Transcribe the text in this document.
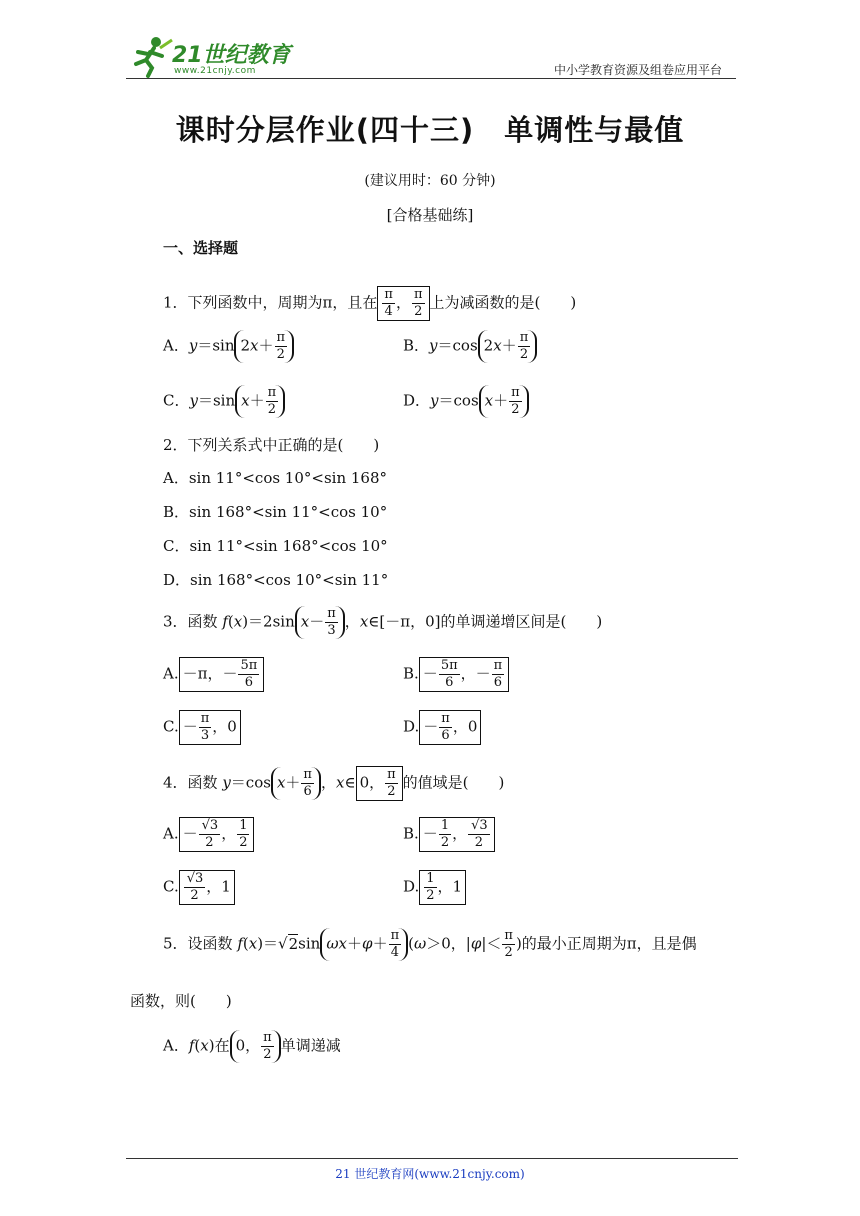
21世纪教育
www.21cnjy.com	中小学教育资源及组卷应用平台
课时分层作业(四十三)　单调性与最值
(建议用时：60 分钟)
[合格基础练]
一、选择题
1．下列函数中，周期为π，且在 $\frac{\pi}{4}$ ， $\frac{\pi}{2}$ 上为减函数的是(　　)
A．y＝sin $2x+ \frac{\pi}{2}$	B．y＝cos $2x+ \frac{\pi}{2}$
C．y＝sin $x+ \frac{\pi}{2}$	D．y＝cos $x+ \frac{\pi}{2}$
2．下列关系式中正确的是(　　)
A．sin 11°<cos 10°<sin 168°
B．sin 168°<sin 11°<cos 10°
C．sin 11°<sin 168°<cos 10°
D．sin 168°<cos 10°<sin 11°
3．函数 f(x)＝2sin $x- \frac{\pi}{3}$ ，x∈[－π，0]的单调递增区间是(　　)
A. －π，－ $\frac{5\pi}{6}$	B. － $\frac{5\pi}{6}$ ，－ $\frac{\pi}{6}$
C. － $\frac{\pi}{3}$ ，0	D. － $\frac{\pi}{6}$ ，0
4．函数 y＝cos $x+ \frac{\pi}{6}$ ，x∈ 0， $\frac{\pi}{2}$ 的值域是(　　)
A. － $\frac{√3}{2}$ ， $\frac{1}{2}$	B. － $\frac{1}{2}$ ， $\frac{√3}{2}$
C. $\frac{√3}{2}$ ，1	D. $\frac{1}{2}$ ，1
5．设函数 f(x)＝√2sin $\omega x+\varphi+ \frac{\pi}{4} (\omega>0$，$|\varphi|< \frac{\pi}{2}$ )的最小正周期为π，且是偶
函数，则(　　)
A．f(x)在 0， $\frac{\pi}{2}$ 单调递减
21 世纪教育网(www.21cnjy.com)
